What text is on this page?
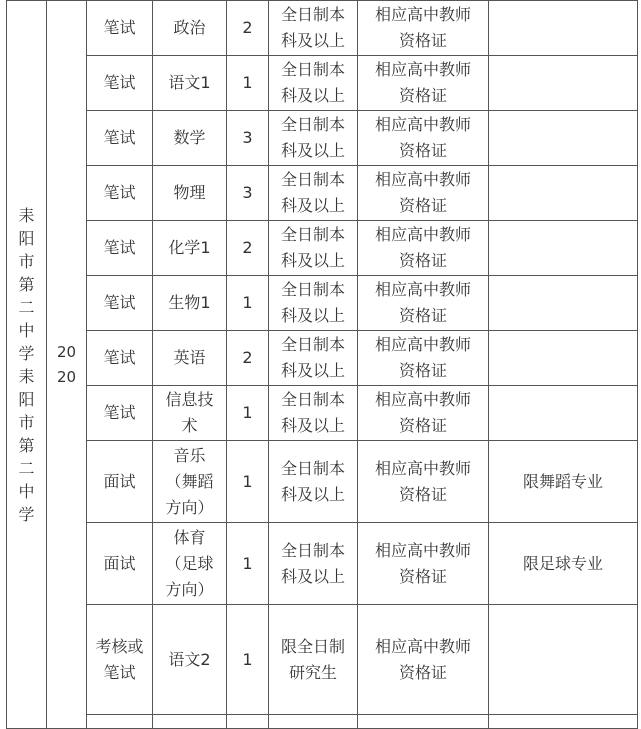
耒阳市第二中学耒阳市第二中学	2020	笔试	政治	2	全日制本科及以上	相应高中教师资格证	

		笔试	语文1	1	全日制本科及以上	相应高中教师资格证	

		笔试	数学	3	全日制本科及以上	相应高中教师资格证	

		笔试	物理	3	全日制本科及以上	相应高中教师资格证	

		笔试	化学1	2	全日制本科及以上	相应高中教师资格证	

		笔试	生物1	1	全日制本科及以上	相应高中教师资格证	

		笔试	英语	2	全日制本科及以上	相应高中教师资格证	

		笔试	信息技术	1	全日制本科及以上	相应高中教师资格证	

		面试	音乐（舞蹈方向）	1	全日制本科及以上	相应高中教师资格证	限舞蹈专业
		面试	体育（足球方向）	1	全日制本科及以上	相应高中教师资格证	限足球专业

		考核或笔试	语文2	1	限全日制研究生	相应高中教师资格证	
